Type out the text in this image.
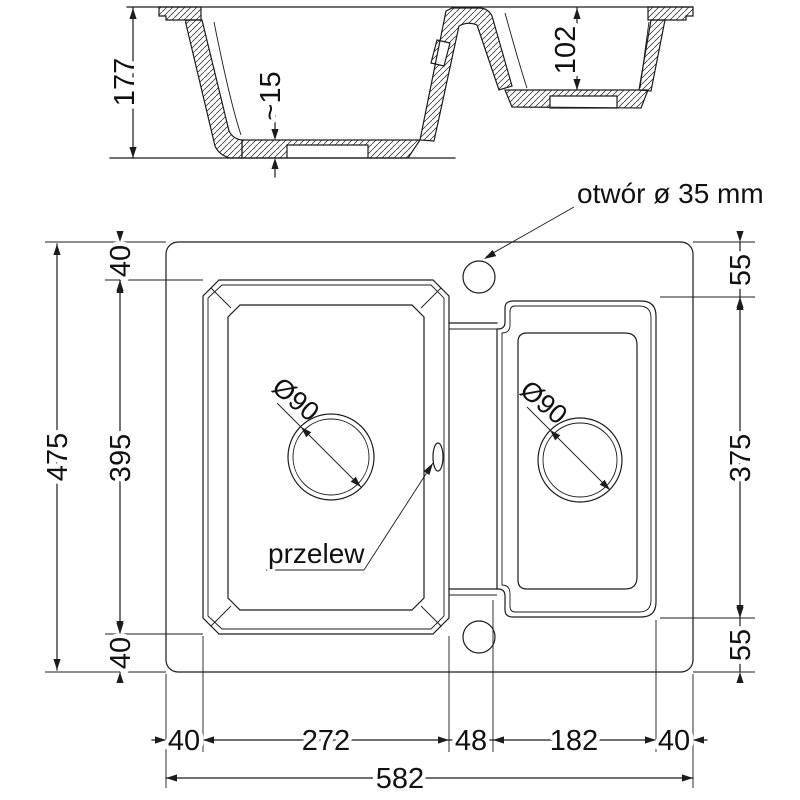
177
102
~15
Ø90	Ø90
przelew
otwór ø 35 mm
475
40
395
40
55
375
55
40	272	48 182 40
582
